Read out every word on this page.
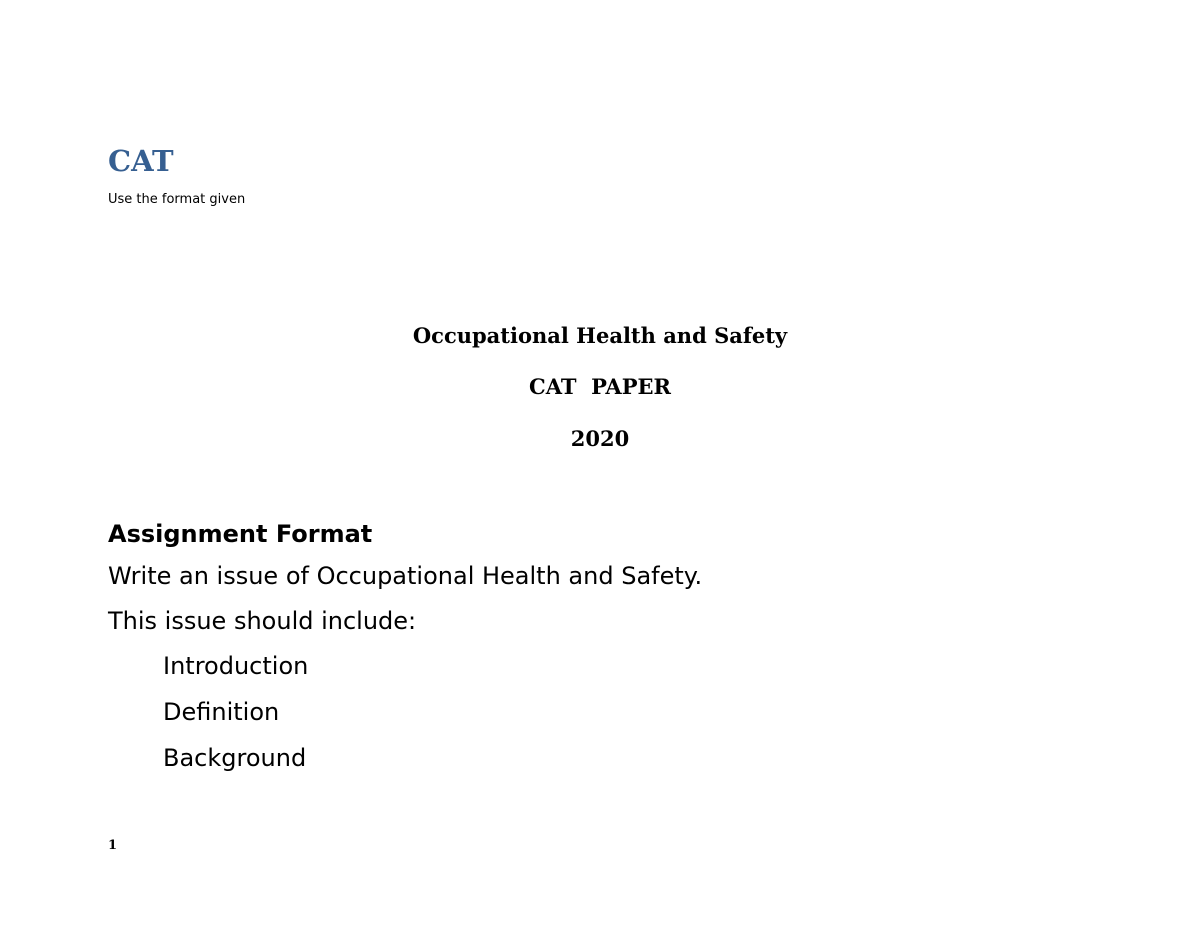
CAT
Use the format given
Occupational Health and Safety
CAT  PAPER
2020
Assignment Format
Write an issue of Occupational Health and Safety.
This issue should include:
Introduction
Definition
Background
1
